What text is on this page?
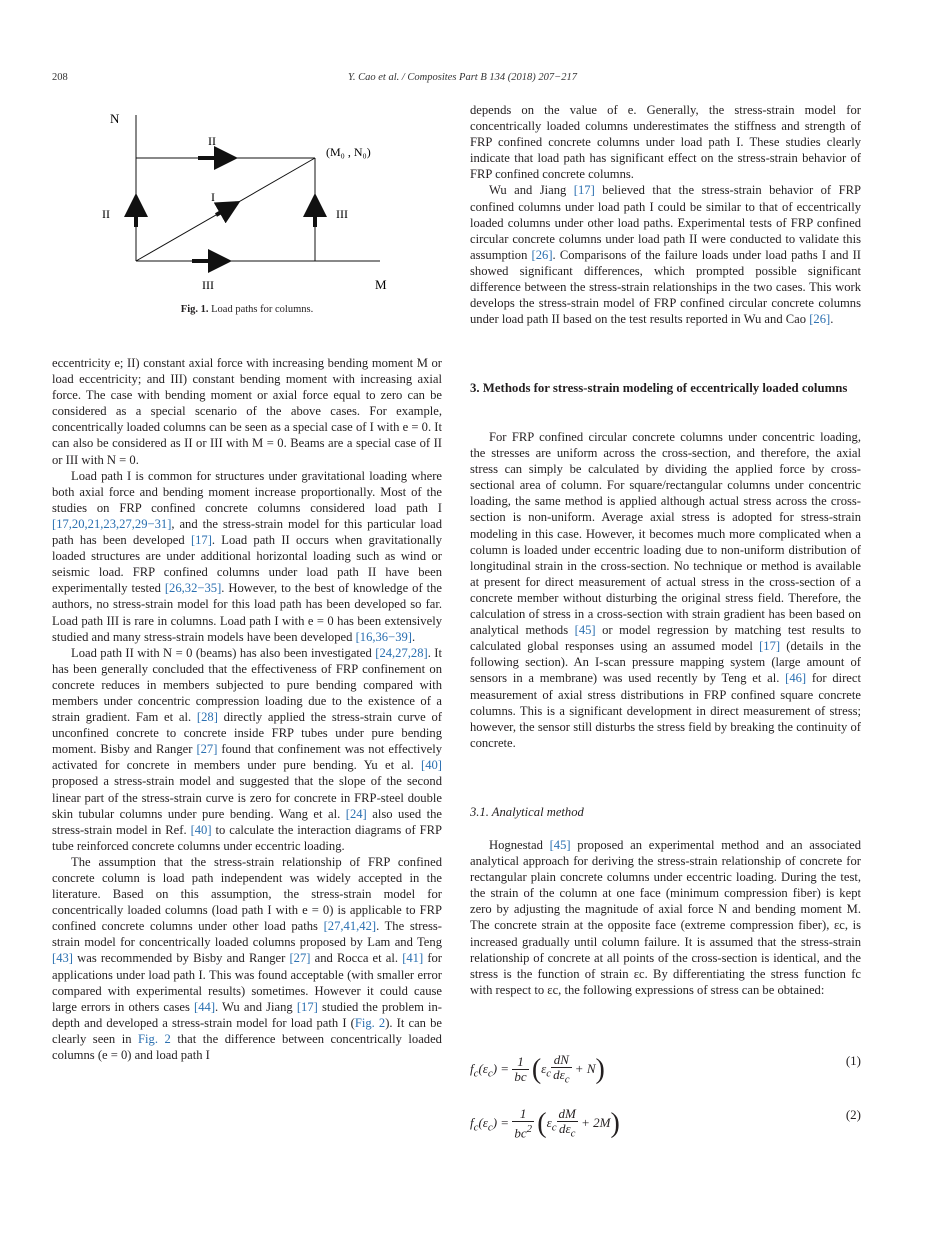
208	Y. Cao et al. / Composites Part B 134 (2018) 207−217
N
M
II
II	III
III
I
(M₀ , N₀)
Fig. 1. Load paths for columns.

eccentricity e; II) constant axial force with increasing bending moment M or load eccentricity; and III) constant bending moment with increasing axial force. The case with bending moment or axial force equal to zero can be considered as a special scenario of the above cases. For example, concentrically loaded columns can be seen as a special case of I with e = 0. It can also be considered as II or III with M = 0. Beams are a special case of II or III with N = 0.

Load path I is common for structures under gravitational loading where both axial force and bending moment increase proportionally. Most of the studies on FRP confined concrete columns considered load path I [17,20,21,23,27,29−31], and the stress-strain model for this particular load path has been developed [17]. Load path II occurs when gravitationally loaded structures are under additional horizontal loading such as wind or seismic load. FRP confined columns under load path II have been experimentally tested [26,32−35]. However, to the best of knowledge of the authors, no stress-strain model for this load path has been developed so far. Load path III is rare in columns. Load path I with e = 0 has been extensively studied and many stress-strain models have been developed [16,36−39].

Load path II with N = 0 (beams) has also been investigated [24,27,28]. It has been generally concluded that the effectiveness of FRP confinement on concrete reduces in members subjected to pure bending compared with members under concentric compression loading due to the existence of a strain gradient. Fam et al. [28] directly applied the stress-strain curve of unconfined concrete to concrete inside FRP tubes under pure bending moment. Bisby and Ranger [27] found that confinement was not effectively activated for concrete in members under pure bending. Yu et al. [40] proposed a stress-strain model and suggested that the slope of the second linear part of the stress-strain curve is zero for concrete in FRP-steel double skin tubular columns under pure bending. Wang et al. [24] also used the stress-strain model in Ref. [40] to calculate the interaction diagrams of FRP tube reinforced concrete columns under eccentric loading.

The assumption that the stress-strain relationship of FRP confined concrete column is load path independent was widely accepted in the literature. Based on this assumption, the stress-strain model for concentrically loaded columns (load path I with e = 0) is applicable to FRP confined concrete columns under other load paths [27,41,42]. The stress-strain model for concentrically loaded columns proposed by Lam and Teng [43] was recommended by Bisby and Ranger [27] and Rocca et al. [41] for applications under load path I. This was found acceptable (with smaller error compared with experimental results) sometimes. However it could cause large errors in others cases [44]. Wu and Jiang [17] studied the problem in-depth and developed a stress-strain model for load path I (Fig. 2). It can be clearly seen in Fig. 2 that the difference between concentrically loaded columns (e = 0) and load path I

depends on the value of e. Generally, the stress-strain model for concentrically loaded columns underestimates the stiffness and strength of FRP confined concrete columns under load path I. These studies clearly indicate that load path has significant effect on the stress-strain behavior of FRP confined concrete columns.

Wu and Jiang [17] believed that the stress-strain behavior of FRP confined columns under load path I could be similar to that of eccentrically loaded columns under other load paths. Experimental tests of FRP confined circular concrete columns under load path II were conducted to validate this assumption [26]. Comparisons of the failure loads under load paths I and II showed significant differences, which prompted possible significant difference between the stress-strain relationships in the two cases. This work develops the stress-strain model of FRP confined circular concrete columns under load path II based on the test results reported in Wu and Cao [26].

3. Methods for stress-strain modeling of eccentrically loaded columns

For FRP confined circular concrete columns under concentric loading, the stresses are uniform across the cross-section, and therefore, the axial stress can simply be calculated by dividing the applied force by cross-sectional area of column. For square/rectangular columns under concentric loading, the same method is applied although actual stress across the cross-section is non-uniform. Average axial stress is adopted for stress-strain modeling in this case. However, it becomes much more complicated when a column is loaded under eccentric loading due to non-uniform distribution of longitudinal strain in the cross-section. No technique or method is available at present for direct measurement of actual stress in the cross-section of a concrete member without disturbing the original stress field. Therefore, the calculation of stress in a cross-section with strain gradient has been based on analytical methods [45] or model regression by matching test results to calculated global responses using an assumed model [17] (details in the following section). An I-scan pressure mapping system (large amount of sensors in a membrane) was used recently by Teng et al. [46] for direct measurement of axial stress distributions in FRP confined square concrete columns. This is a significant development in direct measurement of stress; however, the sensor still disturbs the stress field by breaking the continuity of concrete.

3.1. Analytical method

Hognestad [45] proposed an experimental method and an associated analytical approach for deriving the stress-strain relationship of concrete for rectangular plain concrete columns under eccentric loading. During the test, the strain of the column at one face (minimum compression fiber) is kept zero by adjusting the magnitude of axial force N and bending moment M. The concrete strain at the opposite face (extreme compression fiber), εc, is increased gradually until column failure. It is assumed that the stress-strain relationship of concrete at all points of the cross-section is identical, and the stress is the function of strain εc. By differentiating the stress function fc with respect to εc, the following expressions of stress can be obtained:

$f_c(\varepsilon_c) = \frac{1}{bc} (\varepsilon_c \frac{dN}{d\varepsilon_c} + N)$	(1)
$f_c(\varepsilon_c) = \frac{1}{bc^2} (\varepsilon_c \frac{dM}{d\varepsilon_c} + 2M)$	(2)
